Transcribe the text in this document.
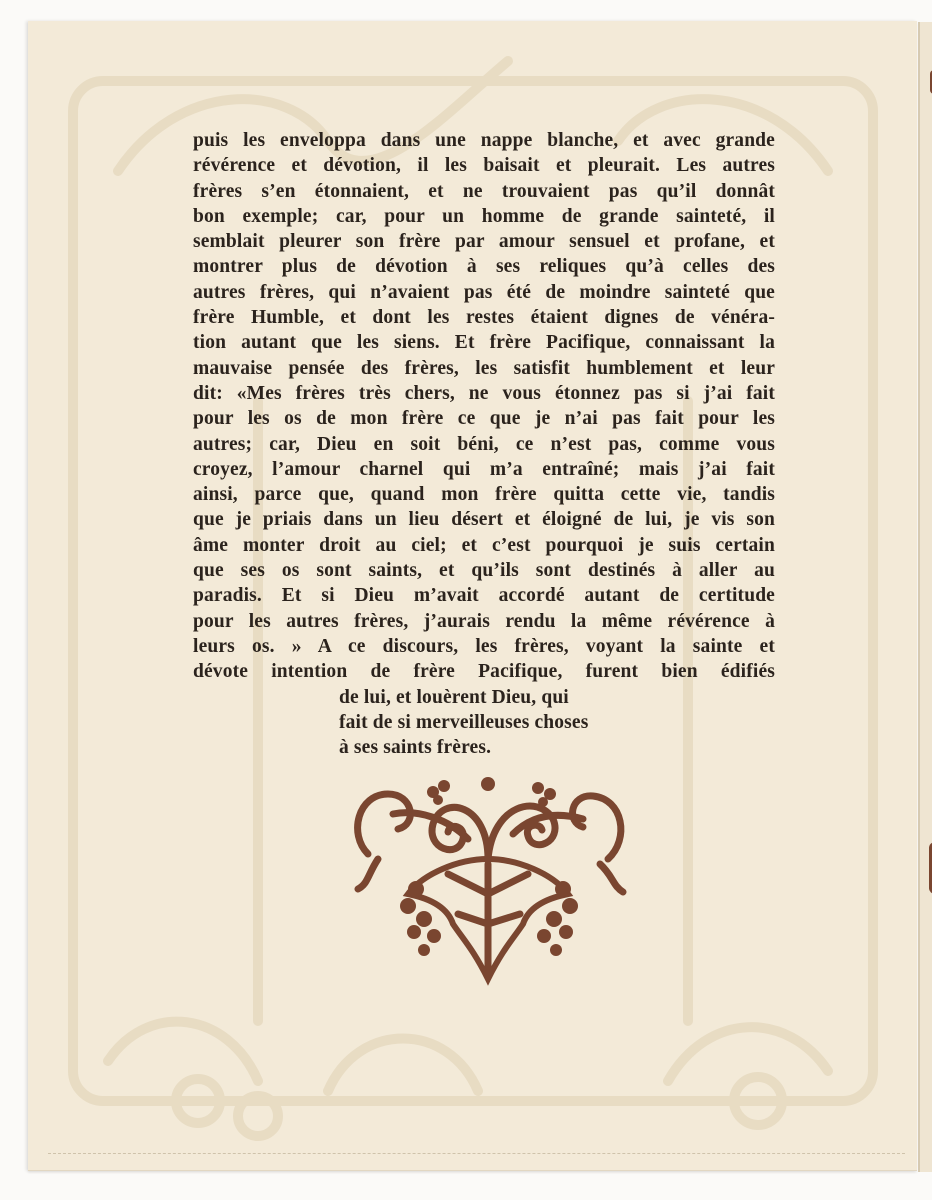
puis les enveloppa dans une nappe blanche, et avec grande

révérence et dévotion, il les baisait et pleurait. Les autres

frères s’en étonnaient, et ne trouvaient pas qu’il donnât

bon exemple; car, pour un homme de grande sainteté, il

semblait pleurer son frère par amour sensuel et profane, et

montrer plus de dévotion à ses reliques qu’à celles des

autres frères, qui n’avaient pas été de moindre sainteté que

frère Humble, et dont les restes étaient dignes de vénéra-

tion autant que les siens. Et frère Pacifique, connaissant la

mauvaise pensée des frères, les satisfit humblement et leur

dit: «Mes frères très chers, ne vous étonnez pas si j’ai fait

pour les os de mon frère ce que je n’ai pas fait pour les

autres; car, Dieu en soit béni, ce n’est pas, comme vous

croyez, l’amour charnel qui m’a entraîné; mais j’ai fait

ainsi, parce que, quand mon frère quitta cette vie, tandis

que je priais dans un lieu désert et éloigné de lui, je vis son

âme monter droit au ciel; et c’est pourquoi je suis certain

que ses os sont saints, et qu’ils sont destinés à aller au

paradis. Et si Dieu m’avait accordé autant de certitude

pour les autres frères, j’aurais rendu la même révérence à

leurs os. » A ce discours, les frères, voyant la sainte et

dévote intention de frère Pacifique, furent bien édifiés

de lui, et louèrent Dieu, qui

fait de si merveilleuses choses

à ses saints frères.
